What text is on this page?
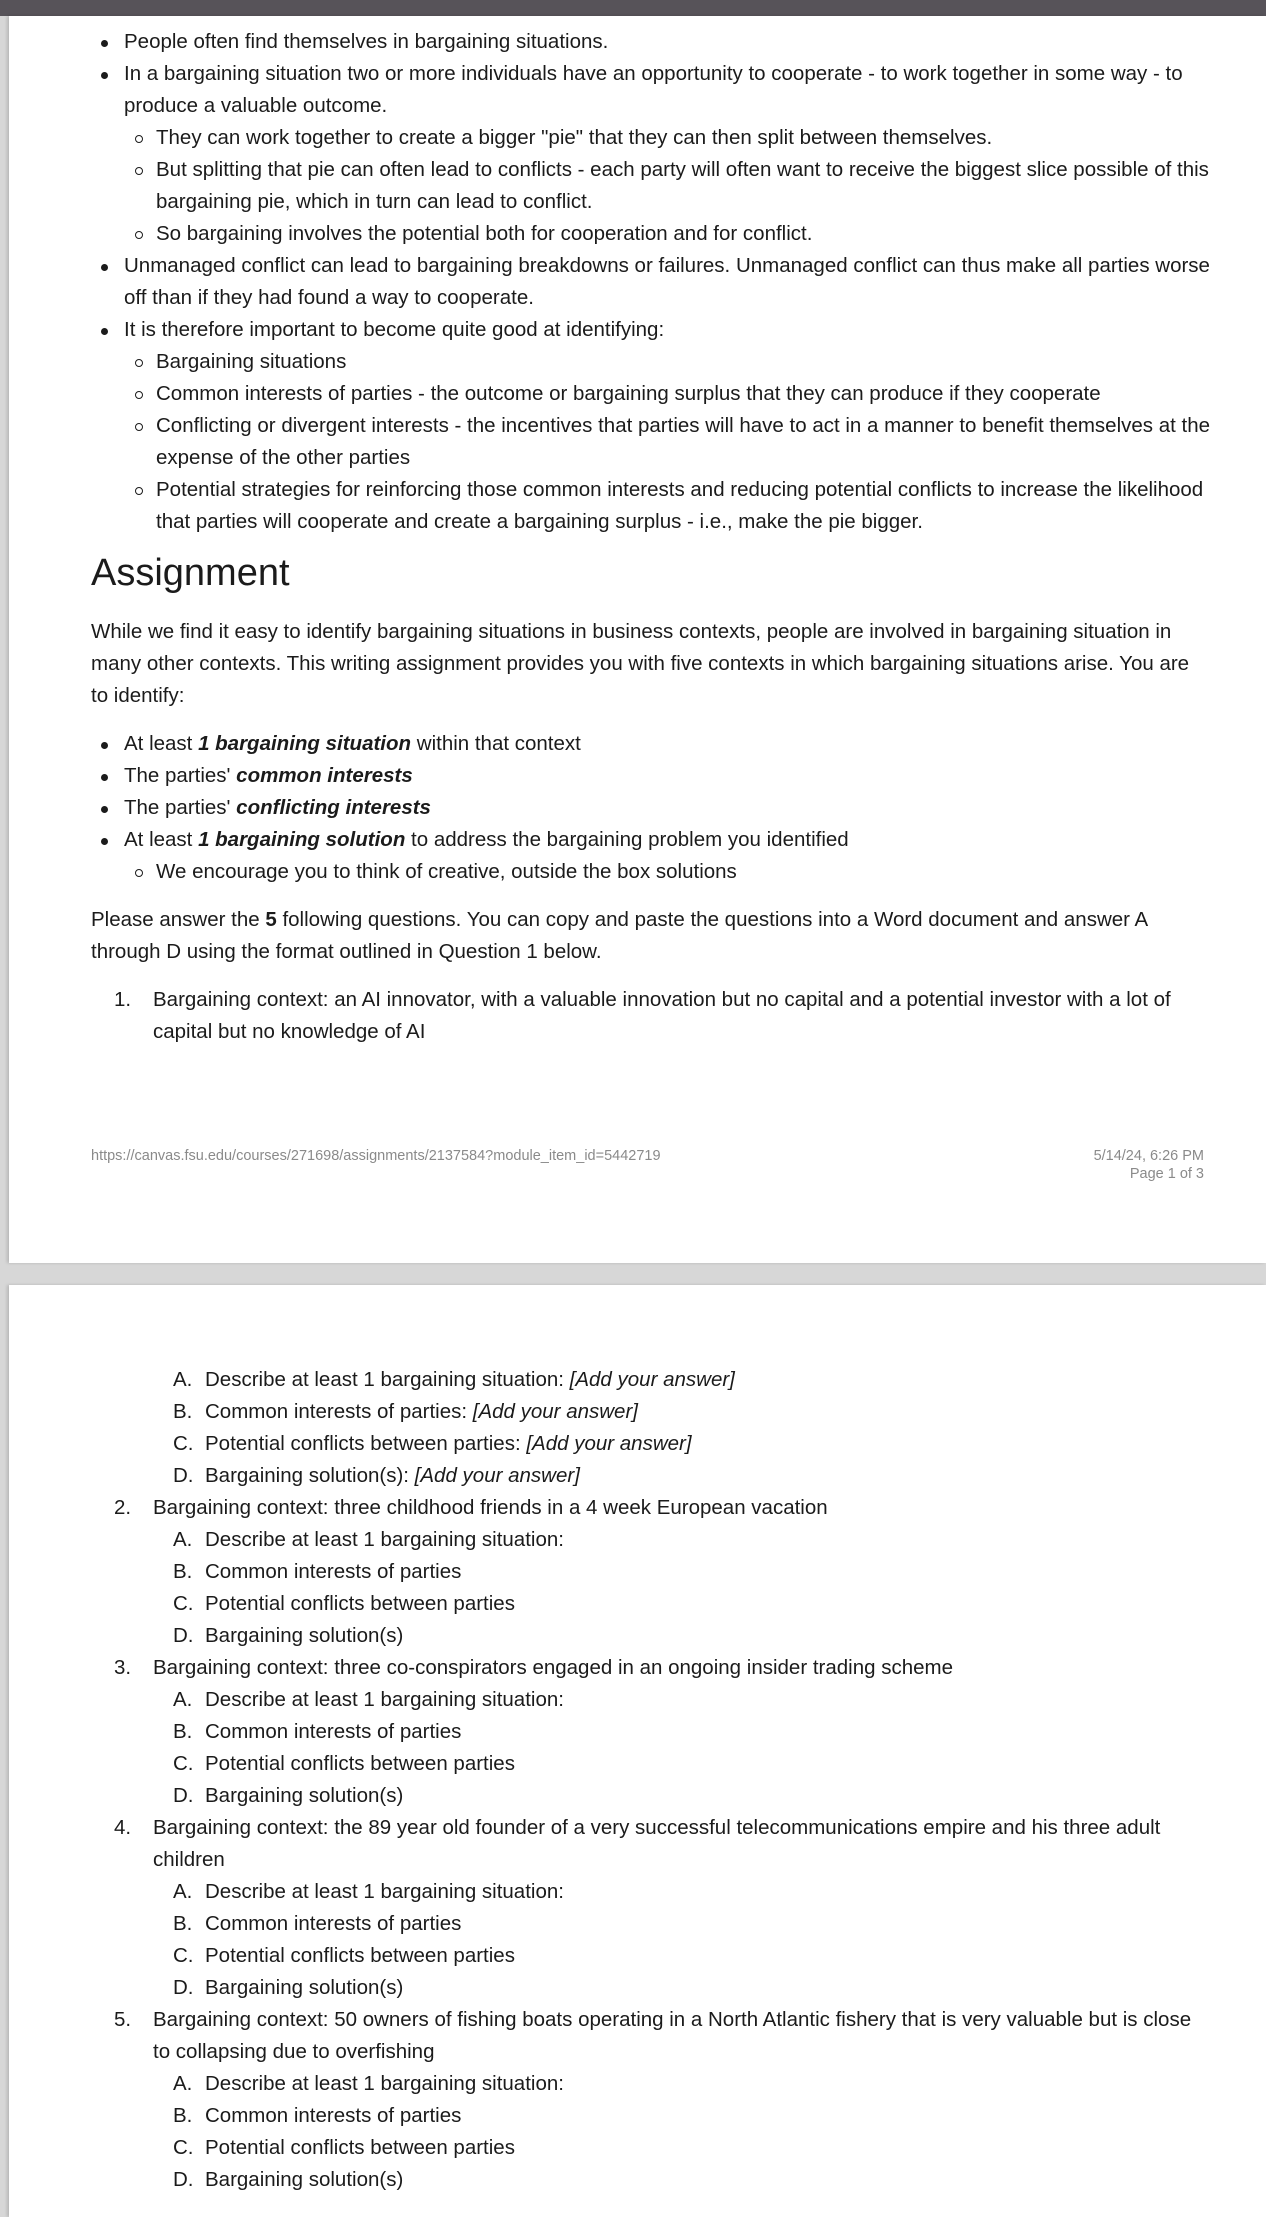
People often find themselves in bargaining situations.
In a bargaining situation two or more individuals have an opportunity to cooperate - to work together in some way - to produce a valuable outcome.
They can work together to create a bigger "pie" that they can then split between themselves.
But splitting that pie can often lead to conflicts - each party will often want to receive the biggest slice possible of this bargaining pie, which in turn can lead to conflict.
So bargaining involves the potential both for cooperation and for conflict.
Unmanaged conflict can lead to bargaining breakdowns or failures. Unmanaged conflict can thus make all parties worse off than if they had found a way to cooperate.
It is therefore important to become quite good at identifying:
Bargaining situations
Common interests of parties - the outcome or bargaining surplus that they can produce if they cooperate
Conflicting or divergent interests - the incentives that parties will have to act in a manner to benefit themselves at the expense of the other parties
Potential strategies for reinforcing those common interests and reducing potential conflicts to increase the likelihood that parties will cooperate and create a bargaining surplus - i.e., make the pie bigger.
Assignment

While we find it easy to identify bargaining situations in business contexts, people are involved in bargaining situation in many other contexts. This writing assignment provides you with five contexts in which bargaining situations arise. You are to identify:

At least 1 bargaining situation within that context
The parties' common interests
The parties' conflicting interests
At least 1 bargaining solution to address the bargaining problem you identified
We encourage you to think of creative, outside the box solutions

Please answer the 5 following questions. You can copy and paste the questions into a Word document and answer A through D using the format outlined in Question 1 below.

1. Bargaining context: an AI innovator, with a valuable innovation but no capital and a potential investor with a lot of capital but no knowledge of AI
https://canvas.fsu.edu/courses/271698/assignments/2137584?module_item_id=5442719	5/14/24, 6:26 PM
Page 1 of 3
A. Describe at least 1 bargaining situation: [Add your answer]
B. Common interests of parties: [Add your answer]
C. Potential conflicts between parties: [Add your answer]
D. Bargaining solution(s): [Add your answer]
2. Bargaining context: three childhood friends in a 4 week European vacation
A. Describe at least 1 bargaining situation:
B. Common interests of parties
C. Potential conflicts between parties
D. Bargaining solution(s)
3. Bargaining context: three co-conspirators engaged in an ongoing insider trading scheme
A. Describe at least 1 bargaining situation:
B. Common interests of parties
C. Potential conflicts between parties
D. Bargaining solution(s)
4. Bargaining context: the 89 year old founder of a very successful telecommunications empire and his three adult children
A. Describe at least 1 bargaining situation:
B. Common interests of parties
C. Potential conflicts between parties
D. Bargaining solution(s)
5. Bargaining context: 50 owners of fishing boats operating in a North Atlantic fishery that is very valuable but is close to collapsing due to overfishing
A. Describe at least 1 bargaining situation:
B. Common interests of parties
C. Potential conflicts between parties
D. Bargaining solution(s)
